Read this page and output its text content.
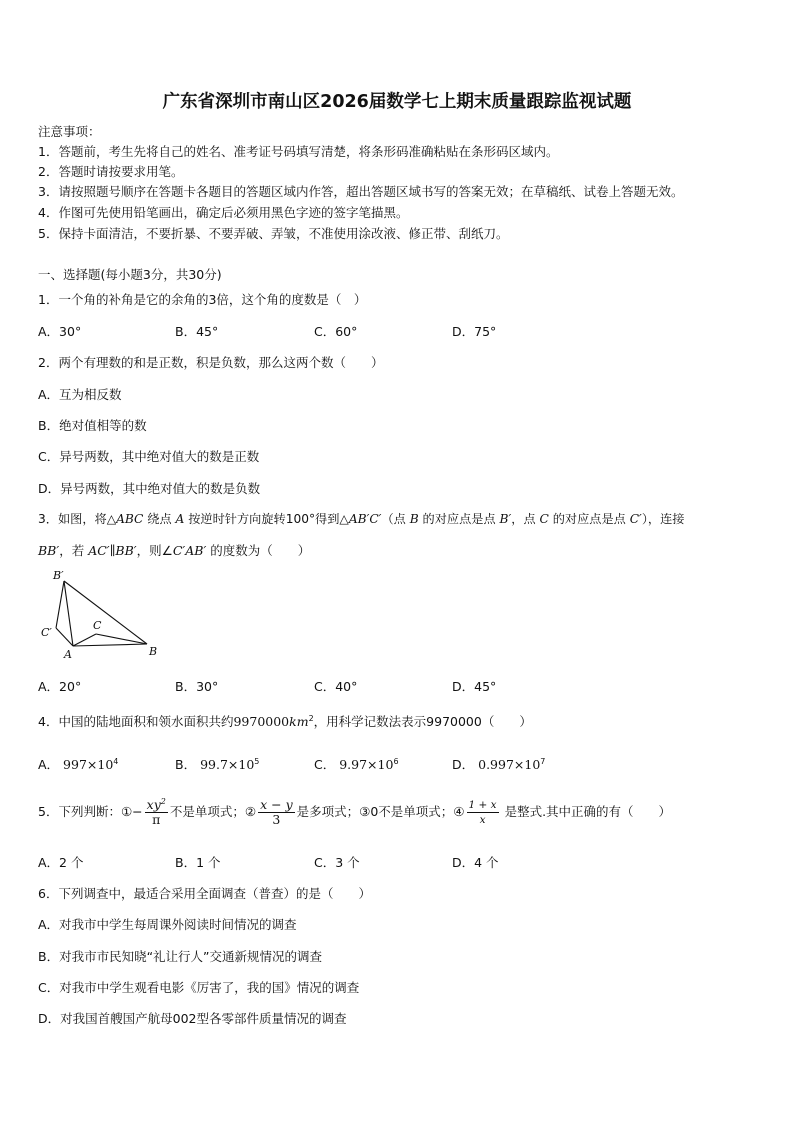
广东省深圳市南山区2026届数学七上期末质量跟踪监视试题
注意事项：
1．答题前，考生先将自己的姓名、准考证号码填写清楚，将条形码准确粘贴在条形码区域内。
2．答题时请按要求用笔。
3．请按照题号顺序在答题卡各题目的答题区域内作答，超出答题区域书写的答案无效；在草稿纸、试卷上答题无效。
4．作图可先使用铅笔画出，确定后必须用黑色字迹的签字笔描黑。
5．保持卡面清洁，不要折暴、不要弄破、弄皱，不准使用涂改液、修正带、刮纸刀。
一、选择题(每小题3分，共30分)
1．一个角的补角是它的余角的3倍，这个角的度数是（　）
A．30°	B．45°	C．60°	D．75°
2．两个有理数的和是正数，积是负数，那么这两个数（　　）
A．互为相反数
B．绝对值相等的数
C．异号两数，其中绝对值大的数是正数
D．异号两数，其中绝对值大的数是负数
3．如图，将△ABC 绕点 A 按逆时针方向旋转100°得到△AB′C′（点 B 的对应点是点 B′，点 C 的对应点是点 C′），连接
BB′，若 AC′∥BB′，则∠C′AB′ 的度数为（　　）
B′
C′
C
A	B
A．20°	B．30°	C．40°	D．45°
4．中国的陆地面积和领水面积共约$9970000km^2$，用科学记数法表示9970000（　　）
A． $997\times 10^4$	B． $99.7\times 10^5$	C． $9.97\times 10^6$	D． $0.997\times 10^7$
5．下列判断：①− $\frac{xy^2}{\pi}$ 不是单项式；② $\frac{x - y}{3}$ 是多项式；③0不是单项式；④ $\frac{1 + x}{x}$ 是整式.其中正确的有（　　）
A．2 个	B．1 个	C．3 个	D．4 个
6．下列调查中，最适合采用全面调查（普查）的是（　　）
A．对我市中学生每周课外阅读时间情况的调查
B．对我市市民知晓“礼让行人”交通新规情况的调查
C．对我市中学生观看电影《厉害了，我的国》情况的调查
D．对我国首艘国产航母002型各零部件质量情况的调查
